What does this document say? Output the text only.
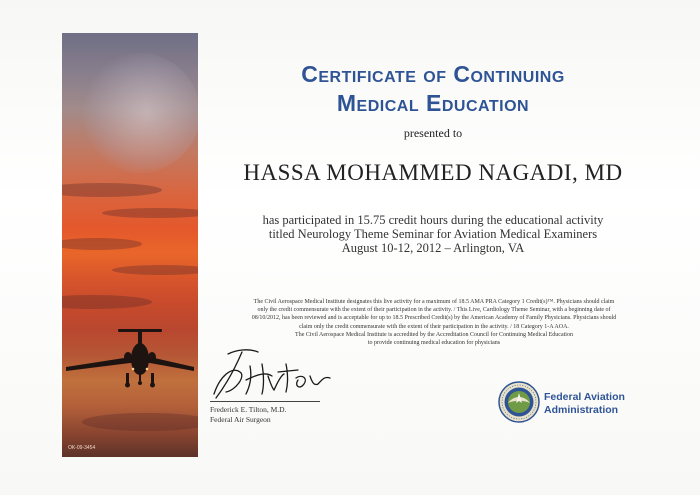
OK-09-3454
Certificate of Continuing
Medical Education
presented to
HASSA MOHAMMED NAGADI, MD
has participated in 15.75 credit hours during the educational activity
titled Neurology Theme Seminar for Aviation Medical Examiners
August 10-12, 2012 – Arlington, VA
The Civil Aerospace Medical Institute designates this live activity for a maximum of 18.5 AMA PRA Category 1 Credit(s)™. Physicians should claim
only the credit commensurate with the extent of their participation in the activity. / This Live, Cardiology Theme Seminar, with a beginning date of
08/10/2012, has been reviewed and is acceptable for up to 18.5 Prescribed Credit(s) by the American Academy of Family Physicians. Physicians should
claim only the credit commensurate with the extent of their participation in the activity. / 18 Category 1-A AOA.
The Civil Aerospace Medical Institute is accredited by the Accreditation Council for Continuing Medical Education
to provide continuing medical education for physicians
Frederick E. Tilton, M.D.
Federal Air Surgeon
Federal Aviation
Administration
